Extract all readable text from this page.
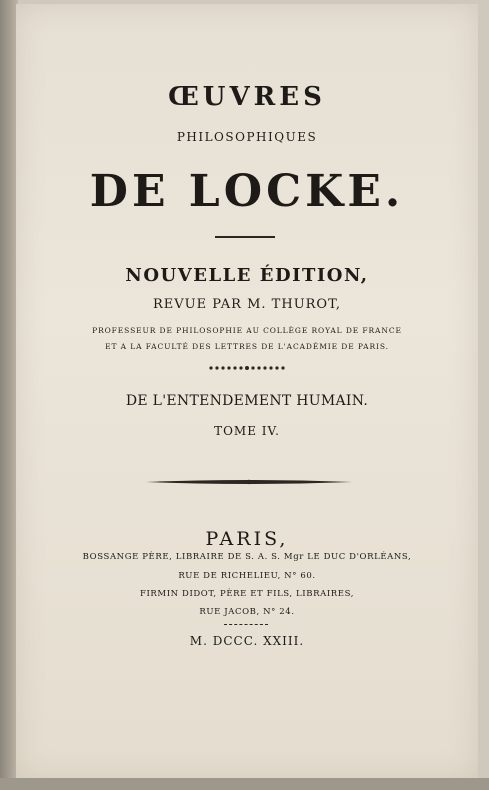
ŒUVRES
PHILOSOPHIQUES
DE LOCKE.
NOUVELLE ÉDITION,
REVUE PAR M. THUROT,
PROFESSEUR DE PHILOSOPHIE AU COLLÈGE ROYAL DE FRANCE
ET A LA FACULTÉ DES LETTRES DE L'ACADÉMIE DE PARIS.
DE L'ENTENDEMENT HUMAIN.
TOME IV.
PARIS,
BOSSANGE PÈRE, LIBRAIRE DE S. A. S. Mgr LE DUC D'ORLÉANS,
RUE DE RICHELIEU, N° 60.
FIRMIN DIDOT, PÈRE ET FILS, LIBRAIRES,
RUE JACOB, N° 24.
M. DCCC. XXIII.
